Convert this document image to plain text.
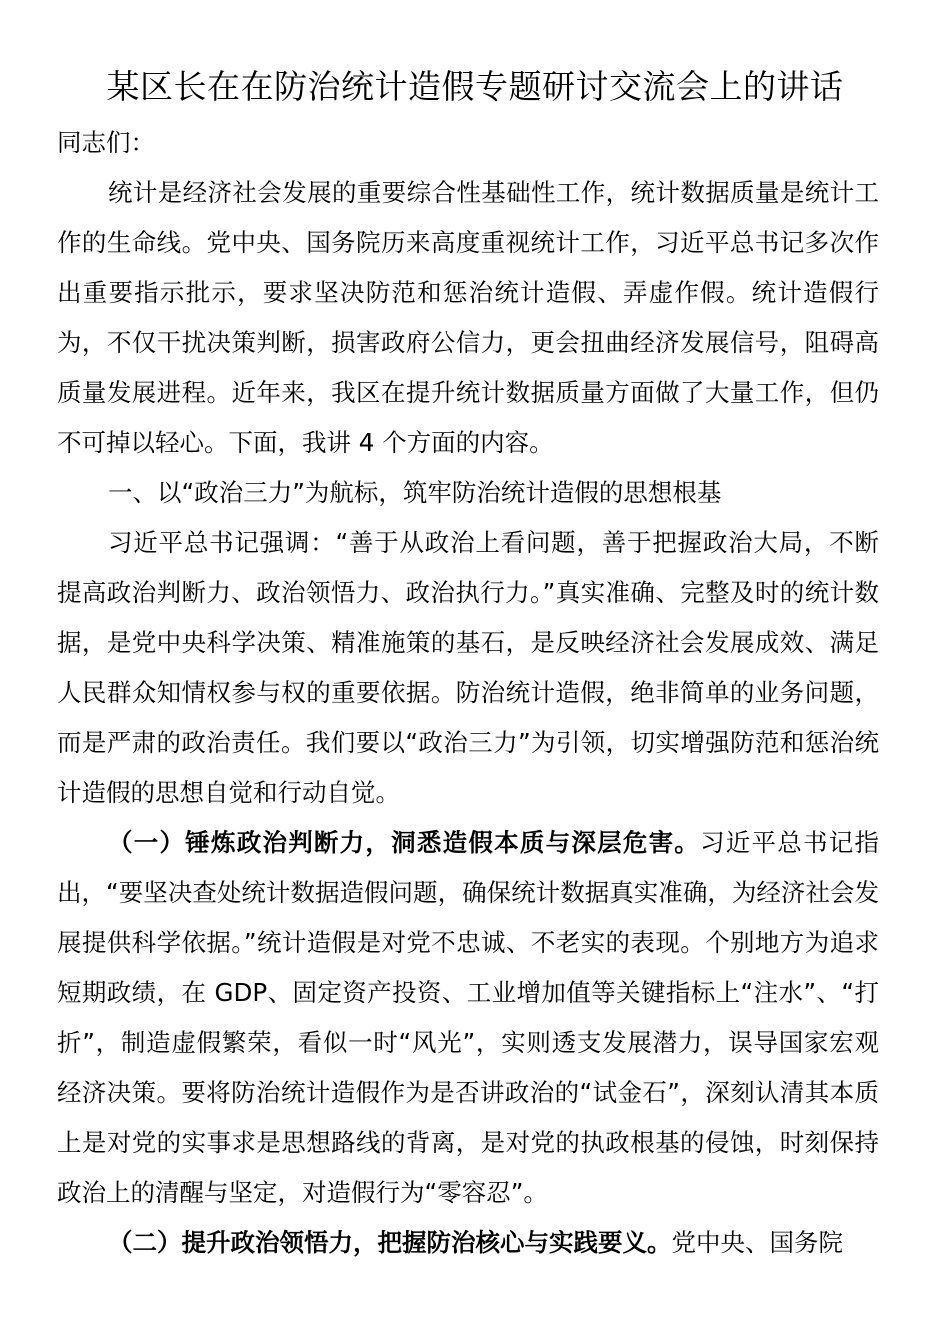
某区长在在防治统计造假专题研讨交流会上的讲话

同志们：

统计是经济社会发展的重要综合性基础性工作，统计数据质量是统计工作的生命线。党中央、国务院历来高度重视统计工作，习近平总书记多次作出重要指示批示，要求坚决防范和惩治统计造假、弄虚作假。统计造假行为，不仅干扰决策判断，损害政府公信力，更会扭曲经济发展信号，阻碍高质量发展进程。近年来，我区在提升统计数据质量方面做了大量工作，但仍不可掉以轻心。下面，我讲 4 个方面的内容。

一、以“政治三力”为航标，筑牢防治统计造假的思想根基

习近平总书记强调：“善于从政治上看问题，善于把握政治大局，不断提高政治判断力、政治领悟力、政治执行力。”真实准确、完整及时的统计数据，是党中央科学决策、精准施策的基石，是反映经济社会发展成效、满足人民群众知情权参与权的重要依据。防治统计造假，绝非简单的业务问题，而是严肃的政治责任。我们要以“政治三力”为引领，切实增强防范和惩治统计造假的思想自觉和行动自觉。

（一）锤炼政治判断力，洞悉造假本质与深层危害。习近平总书记指出，“要坚决查处统计数据造假问题，确保统计数据真实准确，为经济社会发展提供科学依据。”统计造假是对党不忠诚、不老实的表现。个别地方为追求短期政绩，在 GDP、固定资产投资、工业增加值等关键指标上“注水”、“打折”，制造虚假繁荣，看似一时“风光”，实则透支发展潜力，误导国家宏观经济决策。要将防治统计造假作为是否讲政治的“试金石”，深刻认清其本质上是对党的实事求是思想路线的背离，是对党的执政根基的侵蚀，时刻保持政治上的清醒与坚定，对造假行为“零容忍”。

（二）提升政治领悟力，把握防治核心与实践要义。党中央、国务院
